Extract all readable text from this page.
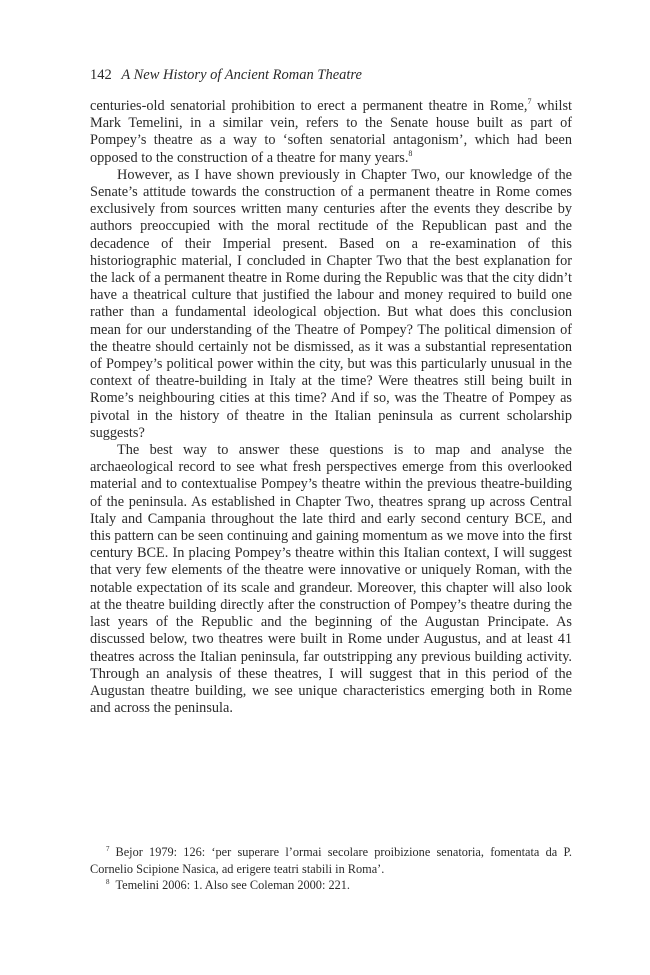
142 A New History of Ancient Roman Theatre

centuries-old senatorial prohibition to erect a permanent theatre in Rome,$^7$ whilst Mark Temelini, in a similar vein, refers to the Senate house built as part of Pompey’s theatre as a way to ‘soften senatorial antagonism’, which had been opposed to the construction of a theatre for many years.$^8$

However, as I have shown previously in Chapter Two, our knowledge of the Senate’s attitude towards the construction of a permanent theatre in Rome comes exclusively from sources written many centuries after the events they describe by authors preoccupied with the moral rectitude of the Republican past and the decadence of their Imperial present. Based on a re-examination of this historiographic material, I concluded in Chapter Two that the best explanation for the lack of a permanent theatre in Rome during the Republic was that the city didn’t have a theatrical culture that justified the labour and money required to build one rather than a fundamental ideological objection. But what does this conclusion mean for our understanding of the Theatre of Pompey? The political dimension of the theatre should certainly not be dismissed, as it was a substantial representation of Pompey’s political power within the city, but was this particularly unusual in the context of theatre-building in Italy at the time? Were theatres still being built in Rome’s neighbouring cities at this time? And if so, was the Theatre of Pompey as pivotal in the history of theatre in the Italian peninsula as current scholarship suggests?

The best way to answer these questions is to map and analyse the archaeological record to see what fresh perspectives emerge from this overlooked material and to contextualise Pompey’s theatre within the previous theatre-building of the peninsula. As established in Chapter Two, theatres sprang up across Central Italy and Campania throughout the late third and early second century BCE, and this pattern can be seen continuing and gaining momentum as we move into the first century BCE. In placing Pompey’s theatre within this Italian context, I will suggest that very few elements of the theatre were innovative or uniquely Roman, with the notable expectation of its scale and grandeur. Moreover, this chapter will also look at the theatre building directly after the construction of Pompey’s theatre during the last years of the Republic and the beginning of the Augustan Principate. As discussed below, two theatres were built in Rome under Augustus, and at least 41 theatres across the Italian peninsula, far outstripping any previous building activity. Through an analysis of these theatres, I will suggest that in this period of the Augustan theatre building, we see unique characteristics emerging both in Rome and across the peninsula.

$^7$ Bejor 1979: 126: ‘per superare l’ormai secolare proibizione senatoria, fomentata da P. Cornelio Scipione Nasica, ad erigere teatri stabili in Roma’.

$^8$ Temelini 2006: 1. Also see Coleman 2000: 221.
